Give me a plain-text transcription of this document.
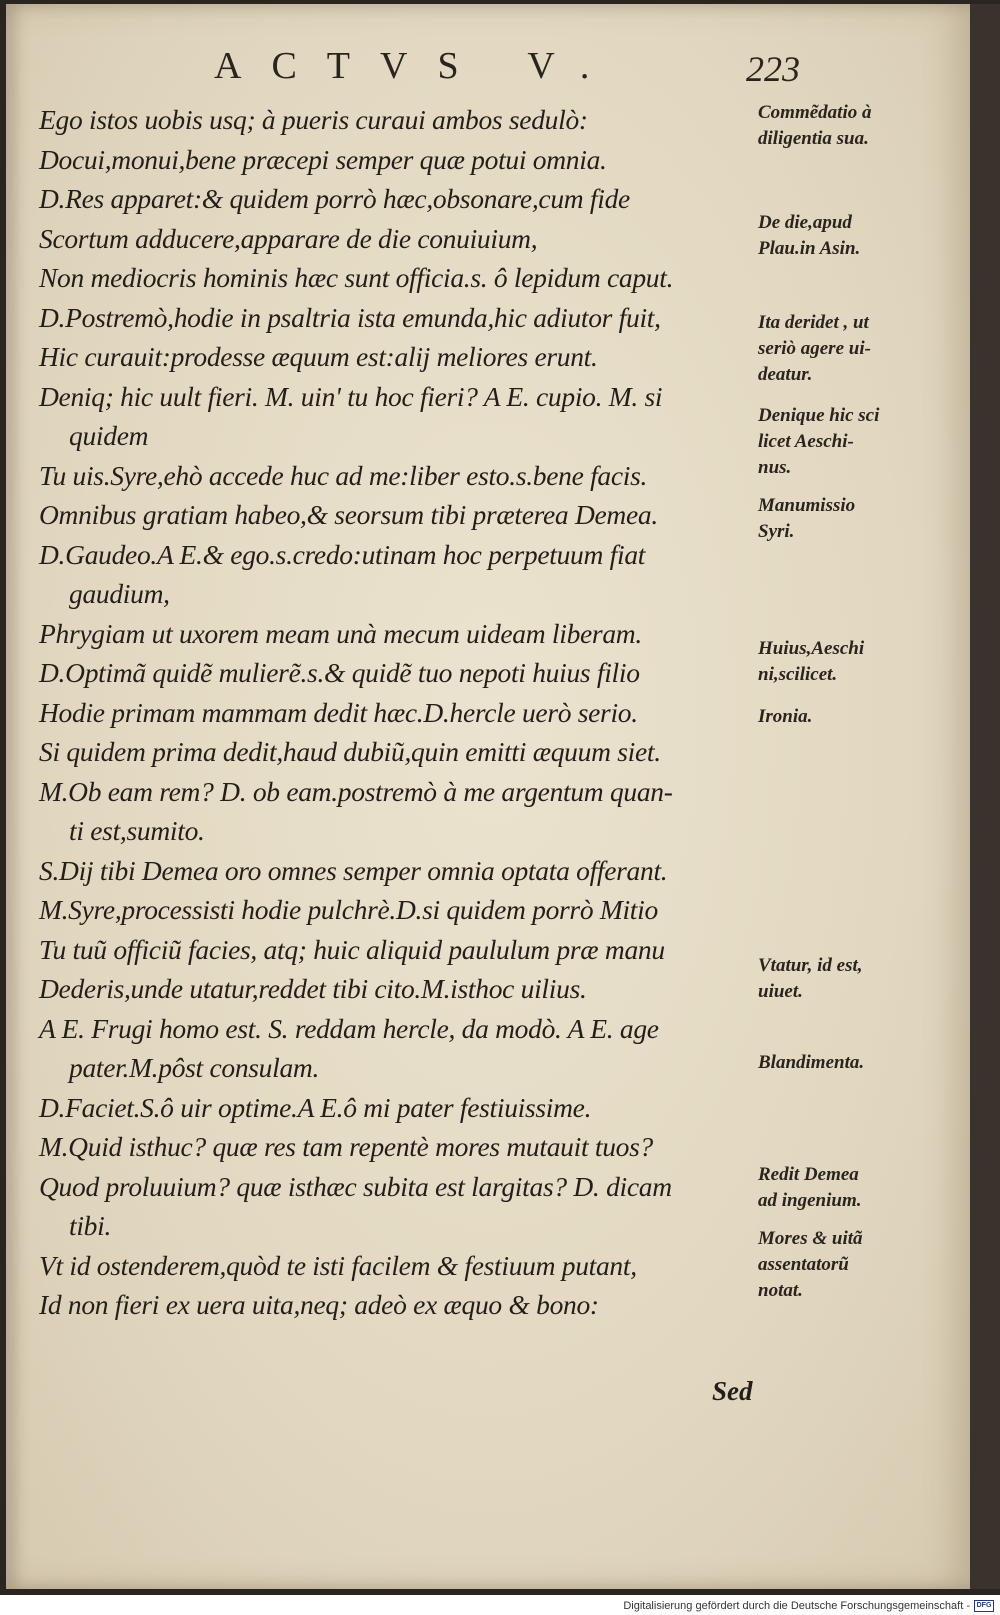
ACTVS V.	223
Ego istos uobis usq; à pueris curaui ambos sedulò:
Docui,monui,bene præcepi semper quæ potui omnia.
D.Res apparet:& quidem porrò hæc,obsonare,cum fide
Scortum adducere,apparare de die conuiuium,
Non mediocris hominis hæc sunt officia.s. ô lepidum caput.
D.Postremò,hodie in psaltria ista emunda,hic adiutor fuit,
Hic curauit:prodesse æquum est:alij meliores erunt.
Deniq; hic uult fieri. M. uin' tu hoc fieri? A E. cupio. M. si
quidem
Tu uis.Syre,ehò accede huc ad me:liber esto.s.bene facis.
Omnibus gratiam habeo,& seorsum tibi præterea Demea.
D.Gaudeo.A E.& ego.s.credo:utinam hoc perpetuum fiat
gaudium,
Phrygiam ut uxorem meam unà mecum uideam liberam.
D.Optimã quidẽ mulierẽ.s.& quidẽ tuo nepoti huius filio
Hodie primam mammam dedit hæc.D.hercle uerò serio.
Si quidem prima dedit,haud dubiũ,quin emitti æquum siet.
M.Ob eam rem? D. ob eam.postremò à me argentum quan-
ti est,sumito.
S.Dij tibi Demea oro omnes semper omnia optata offerant.
M.Syre,processisti hodie pulchrè.D.si quidem porrò Mitio
Tu tuũ officiũ facies, atq; huic aliquid paululum præ manu
Dederis,unde utatur,reddet tibi cito.M.isthoc uilius.
A E. Frugi homo est. S. reddam hercle, da modò. A E. age
pater.M.pôst consulam.
D.Faciet.S.ô uir optime.A E.ô mi pater festiuissime.
M.Quid isthuc? quæ res tam repentè mores mutauit tuos?
Quod proluuium? quæ isthæc subita est largitas? D. dicam
tibi.
Vt id ostenderem,quòd te isti facilem & festiuum putant,
Id non fieri ex uera uita,neq; adeò ex æquo & bono:
Commẽdatio à
diligentia sua.
De die,apud
Plau.in Asin.
Ita deridet , ut
seriò agere ui-
deatur.
Denique hic sci
licet Aeschi-
nus.
Manumissio
Syri.
Huius,Aeschi
ni,scilicet.
Ironia.
Vtatur, id est,
uiuet.
Blandimenta.
Redit Demea
ad ingenium.
Mores & uitã
assentatorũ
notat.
Sed
Digitalisierung gefördert durch die Deutsche Forschungsgemeinschaft - DFG
